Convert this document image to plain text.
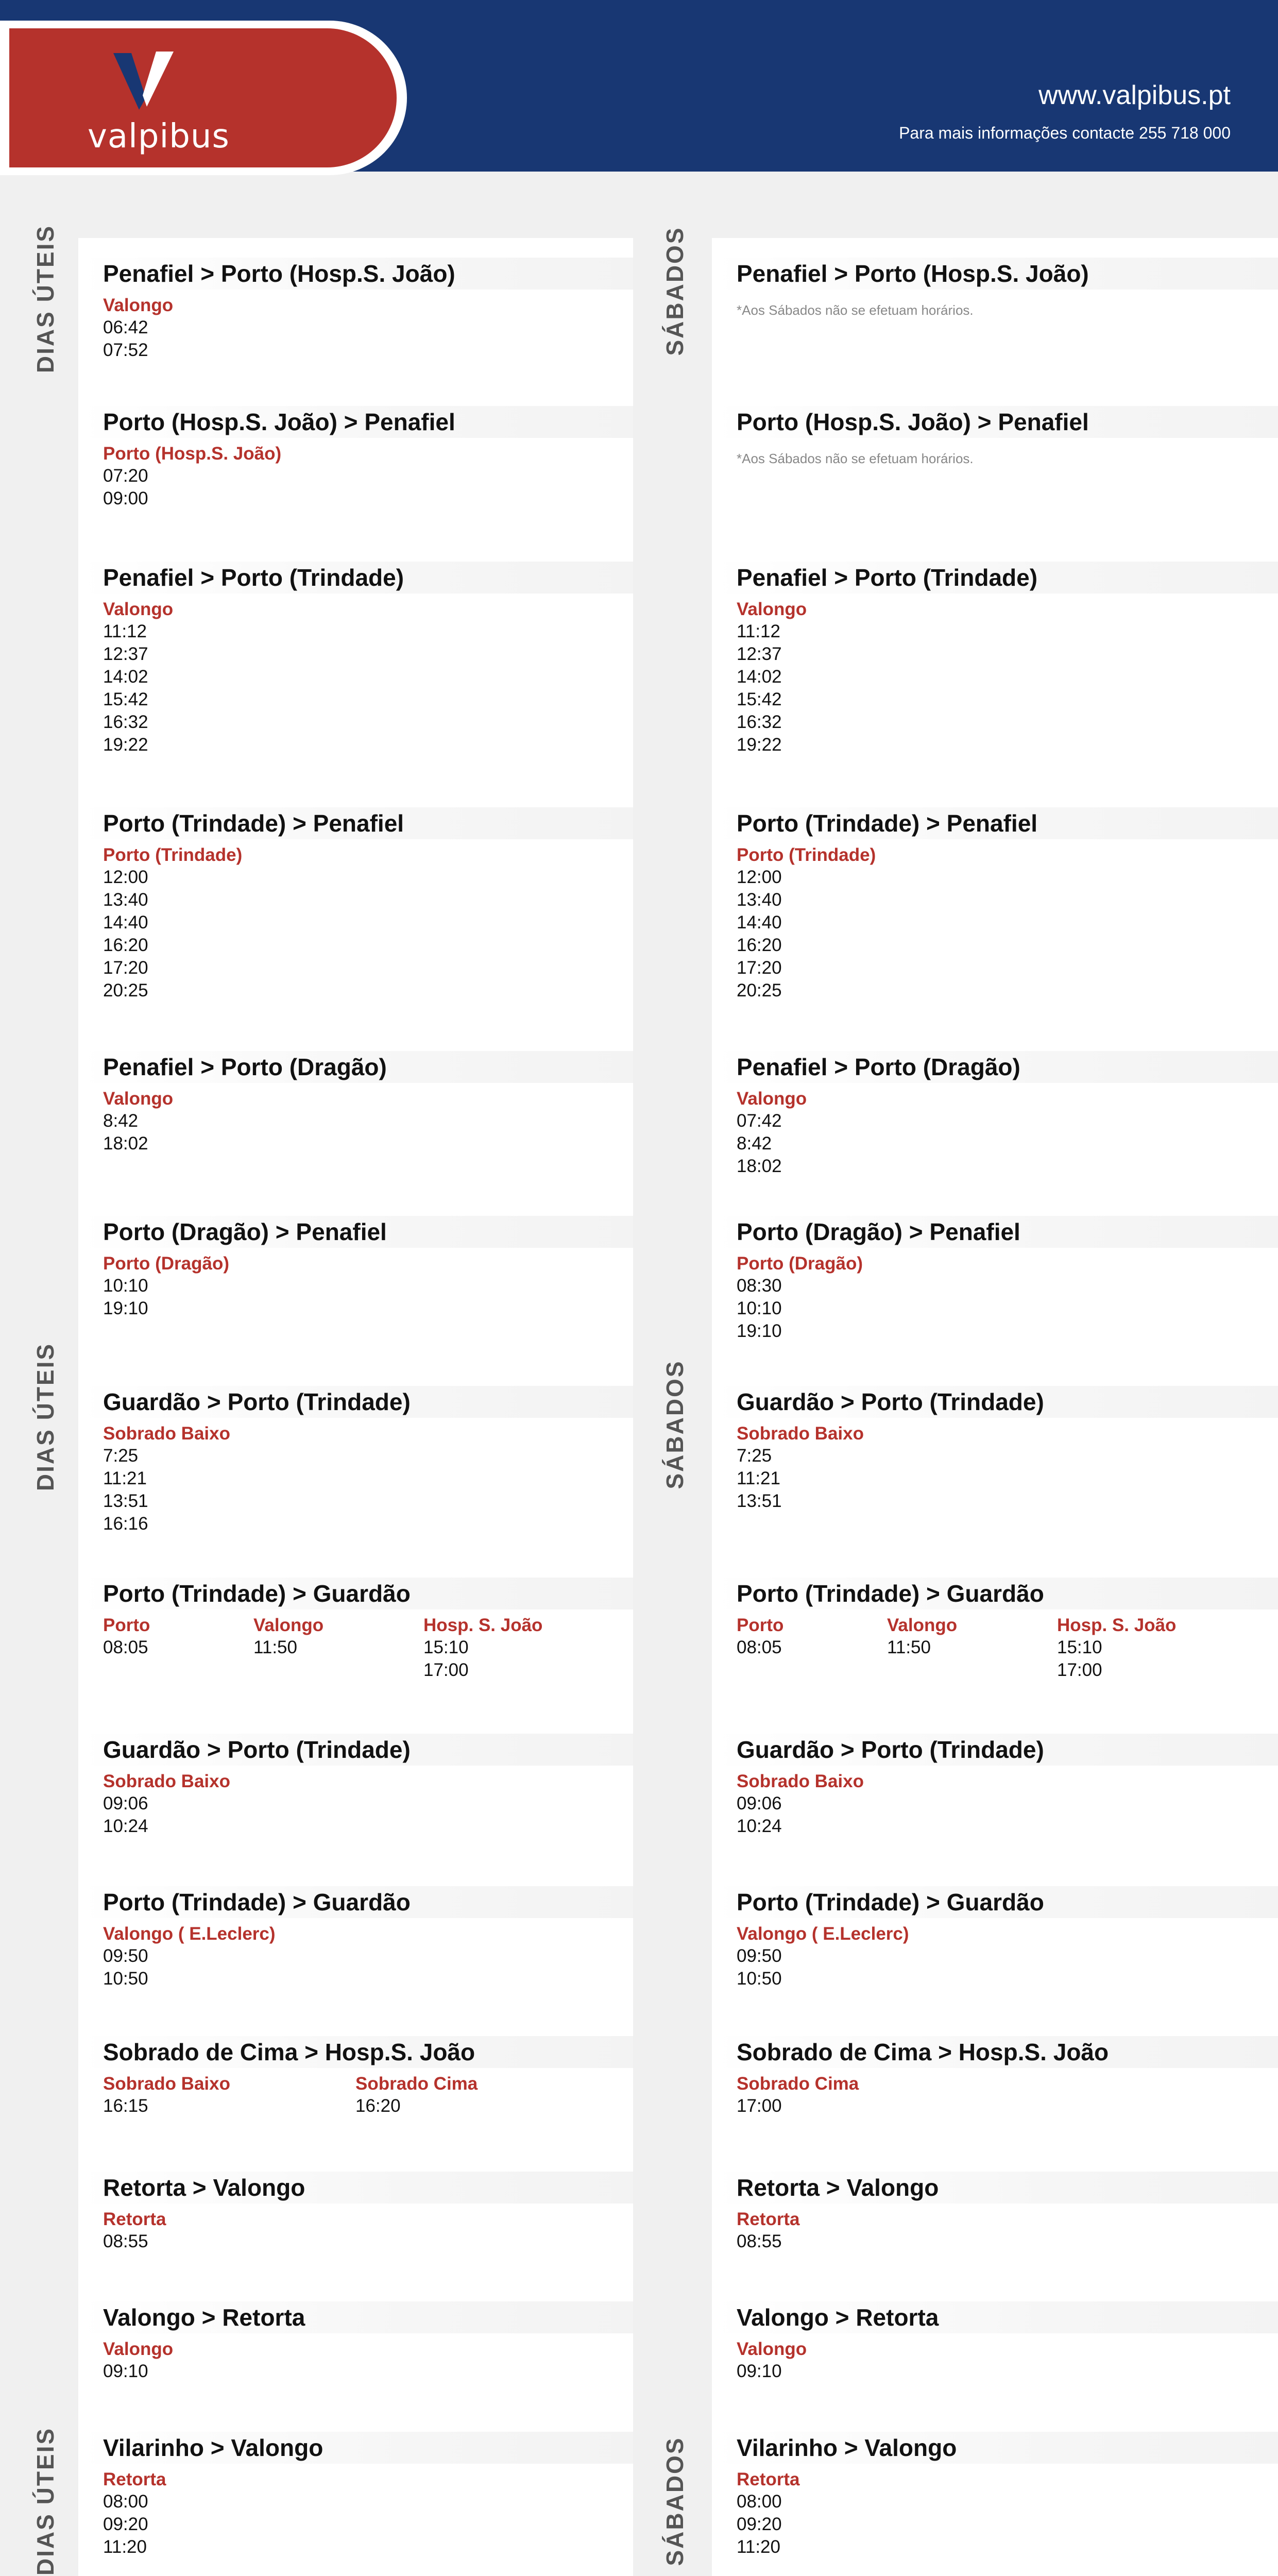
valpibus
www.valpibus.pt
Para mais informações contacte 255 718 000
DIAS ÚTEIS
DIAS ÚTEIS
DIAS ÚTEIS
SÁBADOS
SÁBADOS
SÁBADOS
Penafiel > Porto (Hosp.S. João)
Valongo
06:42
07:52
Porto (Hosp.S. João) > Penafiel
Porto (Hosp.S. João)
07:20
09:00
Penafiel > Porto (Trindade)
Valongo
11:12
12:37
14:02
15:42
16:32
19:22
Porto (Trindade) > Penafiel
Porto (Trindade)
12:00
13:40
14:40
16:20
17:20
20:25
Penafiel > Porto (Dragão)
Valongo
8:42
18:02
Porto (Dragão) > Penafiel
Porto (Dragão)
10:10
19:10
Guardão > Porto (Trindade)
Sobrado Baixo
7:25
11:21
13:51
16:16
Porto (Trindade) > Guardão
Porto
08:05
Valongo
11:50
Hosp. S. João
15:10
17:00
Guardão > Porto (Trindade)
Sobrado Baixo
09:06
10:24
Porto (Trindade) > Guardão
Valongo ( E.Leclerc)
09:50
10:50
Sobrado de Cima > Hosp.S. João
Sobrado Baixo
16:15
Sobrado Cima
16:20
Retorta > Valongo
Retorta
08:55
Valongo > Retorta
Valongo
09:10
Vilarinho > Valongo
Retorta
08:00
09:20
11:20
Penafiel > Porto (Hosp.S. João)
*Aos Sábados não se efetuam horários.
Porto (Hosp.S. João) > Penafiel
*Aos Sábados não se efetuam horários.
Penafiel > Porto (Trindade)
Valongo
11:12
12:37
14:02
15:42
16:32
19:22
Porto (Trindade) > Penafiel
Porto (Trindade)
12:00
13:40
14:40
16:20
17:20
20:25
Penafiel > Porto (Dragão)
Valongo
07:42
8:42
18:02
Porto (Dragão) > Penafiel
Porto (Dragão)
08:30
10:10
19:10
Guardão > Porto (Trindade)
Sobrado Baixo
7:25
11:21
13:51
Porto (Trindade) > Guardão
Porto
08:05
Valongo
11:50
Hosp. S. João
15:10
17:00
Guardão > Porto (Trindade)
Sobrado Baixo
09:06
10:24
Porto (Trindade) > Guardão
Valongo ( E.Leclerc)
09:50
10:50
Sobrado de Cima > Hosp.S. João
Sobrado Cima
17:00
Retorta > Valongo
Retorta
08:55
Valongo > Retorta
Valongo
09:10
Vilarinho > Valongo
Retorta
08:00
09:20
11:20
